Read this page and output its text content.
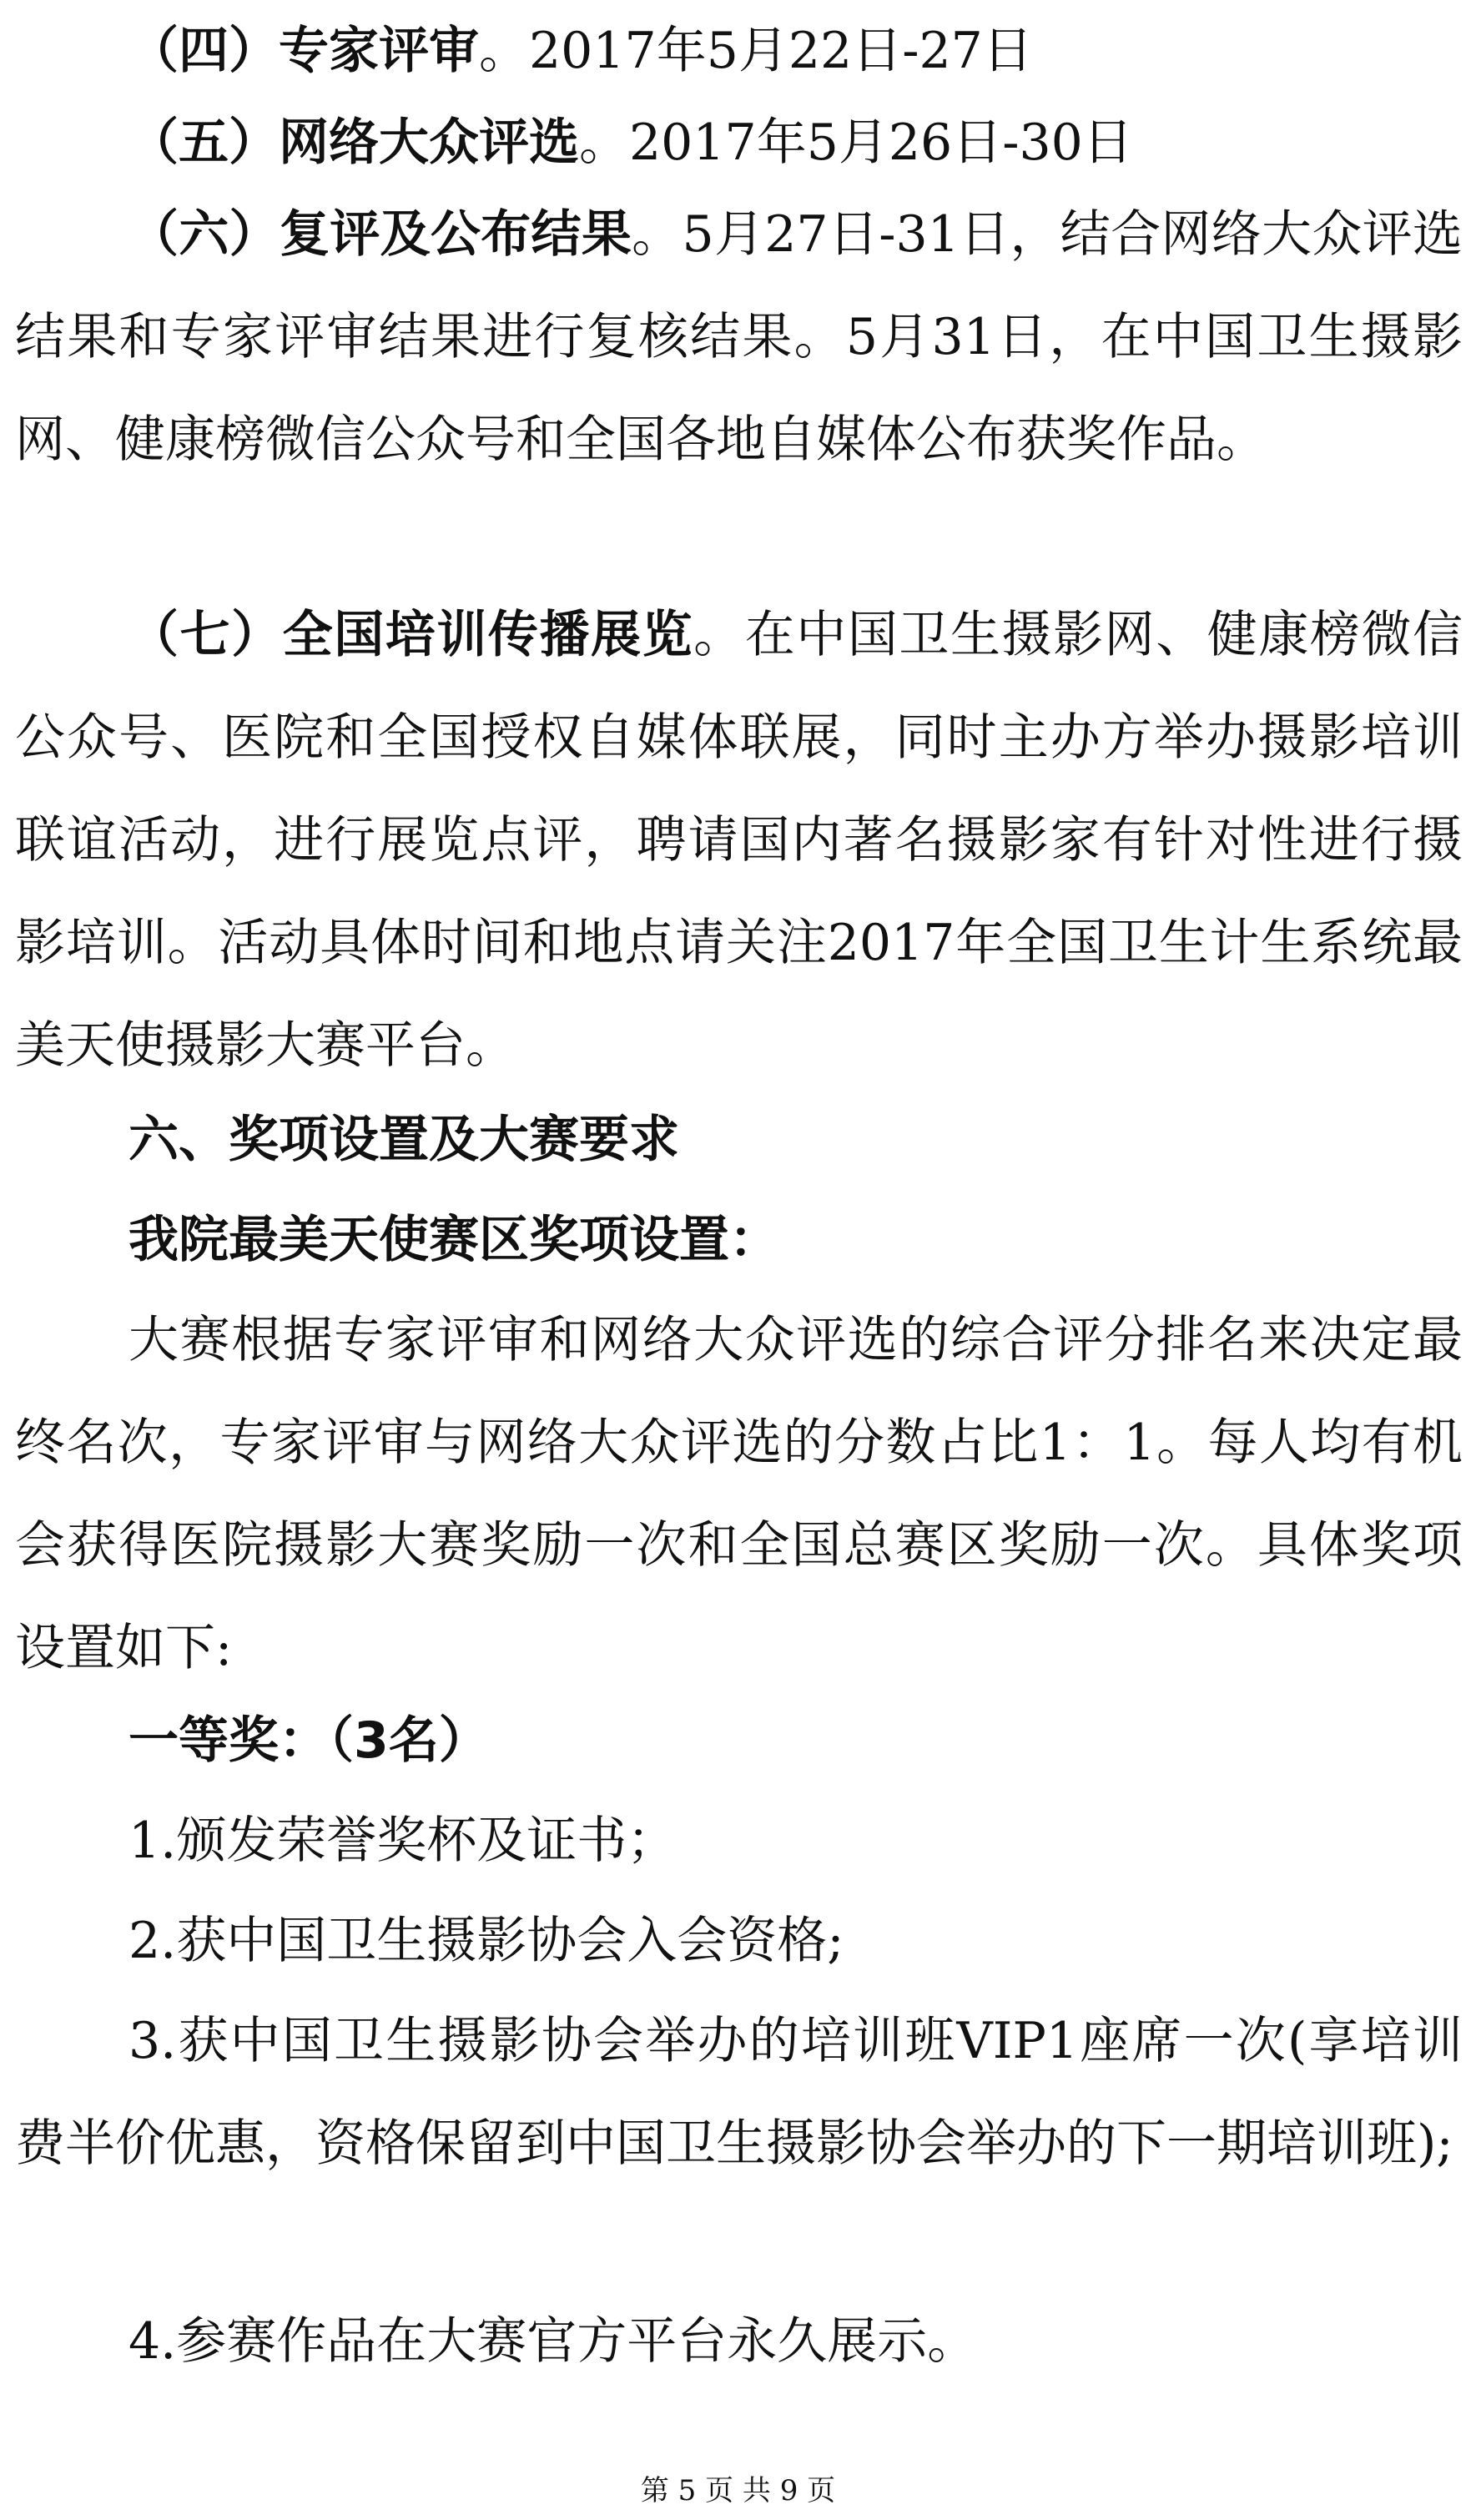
（四）专家评审。2017年5月22日-27日

（五）网络大众评选。2017年5月26日-30日

（六）复评及公布结果。5月27日-31日，结合网络大众评选结果和专家评审结果进行复核结果。5月31日，在中国卫生摄影网、健康榜微信公众号和全国各地自媒体公布获奖作品。

（七）全国培训传播展览。在中国卫生摄影网、健康榜微信公众号、医院和全国授权自媒体联展，同时主办方举办摄影培训联谊活动，进行展览点评，聘请国内著名摄影家有针对性进行摄影培训。活动具体时间和地点请关注2017年全国卫生计生系统最美天使摄影大赛平台。

六、奖项设置及大赛要求

我院最美天使赛区奖项设置：

大赛根据专家评审和网络大众评选的综合评分排名来决定最终名次，专家评审与网络大众评选的分数占比1：1。每人均有机会获得医院摄影大赛奖励一次和全国总赛区奖励一次。具体奖项设置如下:

一等奖：（3名）

1.颁发荣誉奖杯及证书；

2.获中国卫生摄影协会入会资格;

3.获中国卫生摄影协会举办的培训班VIP1座席一次(享培训费半价优惠，资格保留到中国卫生摄影协会举办的下一期培训班);

4.参赛作品在大赛官方平台永久展示。

第 5 页 共 9 页
